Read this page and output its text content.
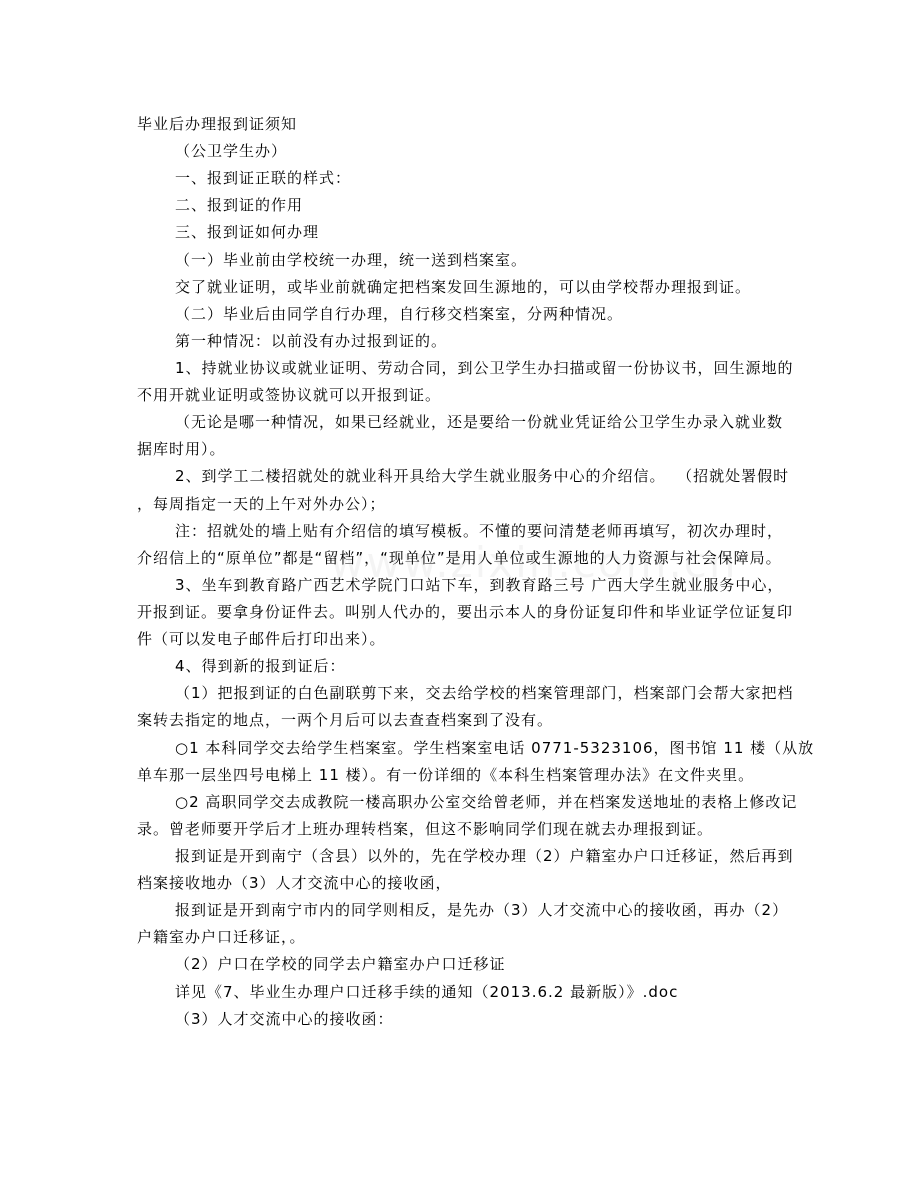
毕业后办理报到证须知
（公卫学生办）
一、报到证正联的样式：
二、报到证的作用
三、报到证如何办理
（一）毕业前由学校统一办理，统一送到档案室。
交了就业证明，或毕业前就确定把档案发回生源地的，可以由学校帮办理报到证。
（二）毕业后由同学自行办理，自行移交档案室，分两种情况。
第一种情况：以前没有办过报到证的。
1、持就业协议或就业证明、劳动合同，到公卫学生办扫描或留一份协议书，回生源地的
不用开就业证明或签协议就可以开报到证。
（无论是哪一种情况，如果已经就业，还是要给一份就业凭证给公卫学生办录入就业数
据库时用）。
2、到学工二楼招就处的就业科开具给大学生就业服务中心的介绍信。  （招就处署假时
，每周指定一天的上午对外办公）；
注：招就处的墙上贴有介绍信的填写模板。不懂的要问清楚老师再填写，初次办理时，
介绍信上的“原单位”都是“留档”，“现单位”是用人单位或生源地的人力资源与社会保障局。
3、坐车到教育路广西艺术学院门口站下车，到教育路三号 广西大学生就业服务中心，
开报到证。要拿身份证件去。叫别人代办的，要出示本人的身份证复印件和毕业证学位证复印
件（可以发电子邮件后打印出来）。
4、得到新的报到证后：
（1）把报到证的白色副联剪下来，交去给学校的档案管理部门，档案部门会帮大家把档
案转去指定的地点，一两个月后可以去查查档案到了没有。
○1 本科同学交去给学生档案室。学生档案室电话 0771-5323106，图书馆 11 楼（从放
单车那一层坐四号电梯上 11 楼）。有一份详细的《本科生档案管理办法》在文件夹里。
○2 高职同学交去成教院一楼高职办公室交给曾老师，并在档案发送地址的表格上修改记
录。曾老师要开学后才上班办理转档案，但这不影响同学们现在就去办理报到证。
报到证是开到南宁（含县）以外的，先在学校办理（2）户籍室办户口迁移证，然后再到
档案接收地办（3）人才交流中心的接收函，
报到证是开到南宁市内的同学则相反，是先办（3）人才交流中心的接收函，再办（2）
户籍室办户口迁移证，。
（2）户口在学校的同学去户籍室办户口迁移证
详见《7、毕业生办理户口迁移手续的通知（2013.6.2 最新版）》.doc
（3）人才交流中心的接收函：
